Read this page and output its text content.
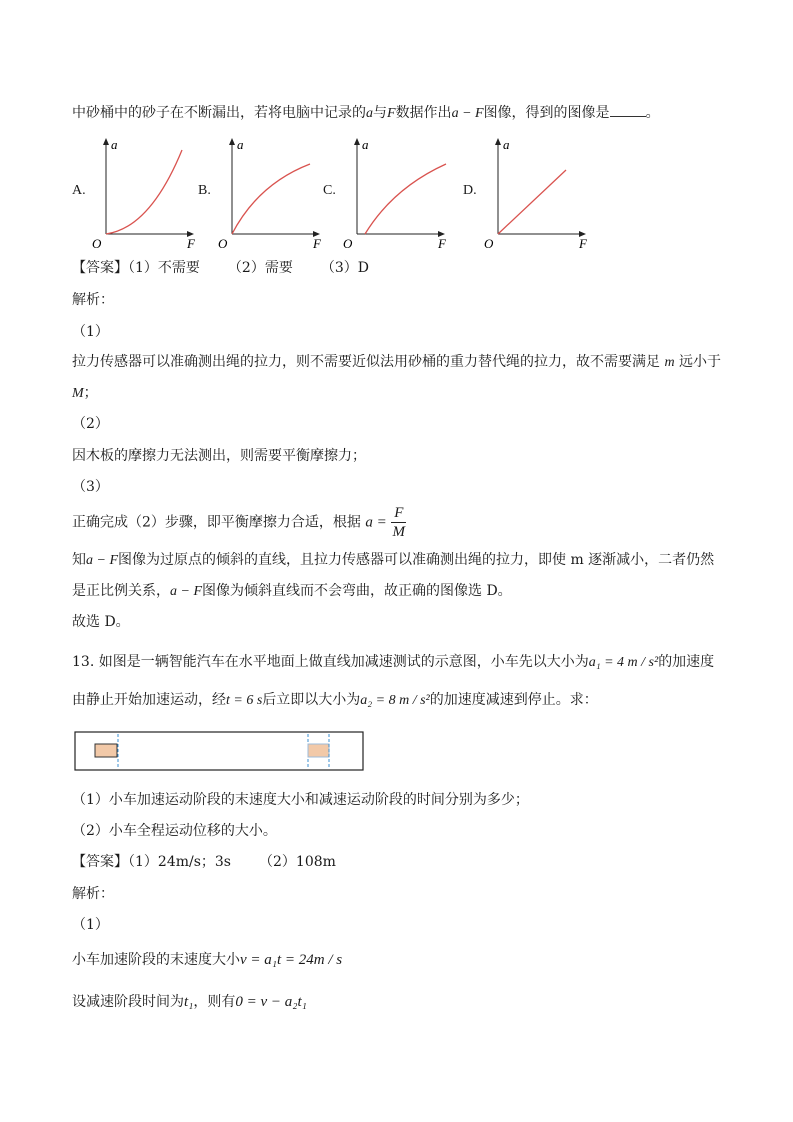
中砂桶中的砂子在不断漏出，若将电脑中记录的a与F数据作出a − F图像，得到的图像是	。
A.	B.	C.	D.
a
F
O
a
F
O
a
F
O
a
F
O
【答案】（1）不需要 （2）需要 （3）D
解析：
（1）
拉力传感器可以准确测出绳的拉力，则不需要近似法用砂桶的重力替代绳的拉力，故不需要满足 m 远小于
M；
（2）
因木板的摩擦力无法测出，则需要平衡摩擦力；
（3）
正确完成（2）步骤，即平衡摩擦力合适，根据 $a = \frac{F}{M}$
知a − F图像为过原点的倾斜的直线，且拉力传感器可以准确测出绳的拉力，即使 m 逐渐减小，二者仍然
是正比例关系，a − F图像为倾斜直线而不会弯曲，故正确的图像选 D。
故选 D。
13. 如图是一辆智能汽车在水平地面上做直线加减速测试的示意图，小车先以大小为a₁ = 4 m / s²的加速度
由静止开始加速运动，经t = 6 s后立即以大小为a₂ = 8 m / s²的加速度减速到停止。求：
（1）小车加速运动阶段的末速度大小和减速运动阶段的时间分别为多少；
（2）小车全程运动位移的大小。
【答案】（1）24m/s；3s （2）108m
解析：
（1）
小车加速阶段的末速度大小v = a₁t = 24m / s
设减速阶段时间为t₁，则有0 = v − a₂t₁
